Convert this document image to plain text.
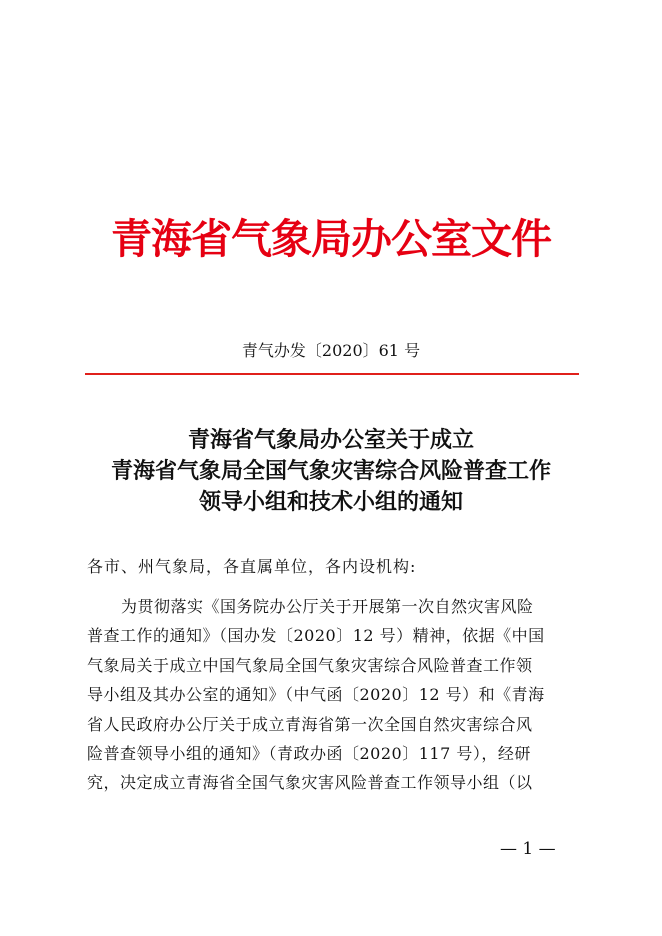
青海省气象局办公室文件
青气办发〔2020〕61 号
青海省气象局办公室关于成立
青海省气象局全国气象灾害综合风险普查工作
领导小组和技术小组的通知
各市、州气象局，各直属单位，各内设机构:
为贯彻落实《国务院办公厅关于开展第一次自然灾害风险
普查工作的通知》（国办发〔2020〕12 号）精神，依据《中国
气象局关于成立中国气象局全国气象灾害综合风险普查工作领
导小组及其办公室的通知》（中气函〔2020〕12 号）和《青海
省人民政府办公厅关于成立青海省第一次全国自然灾害综合风
险普查领导小组的通知》（青政办函〔2020〕117 号），经研
究，决定成立青海省全国气象灾害风险普查工作领导小组（以
— 1 —
